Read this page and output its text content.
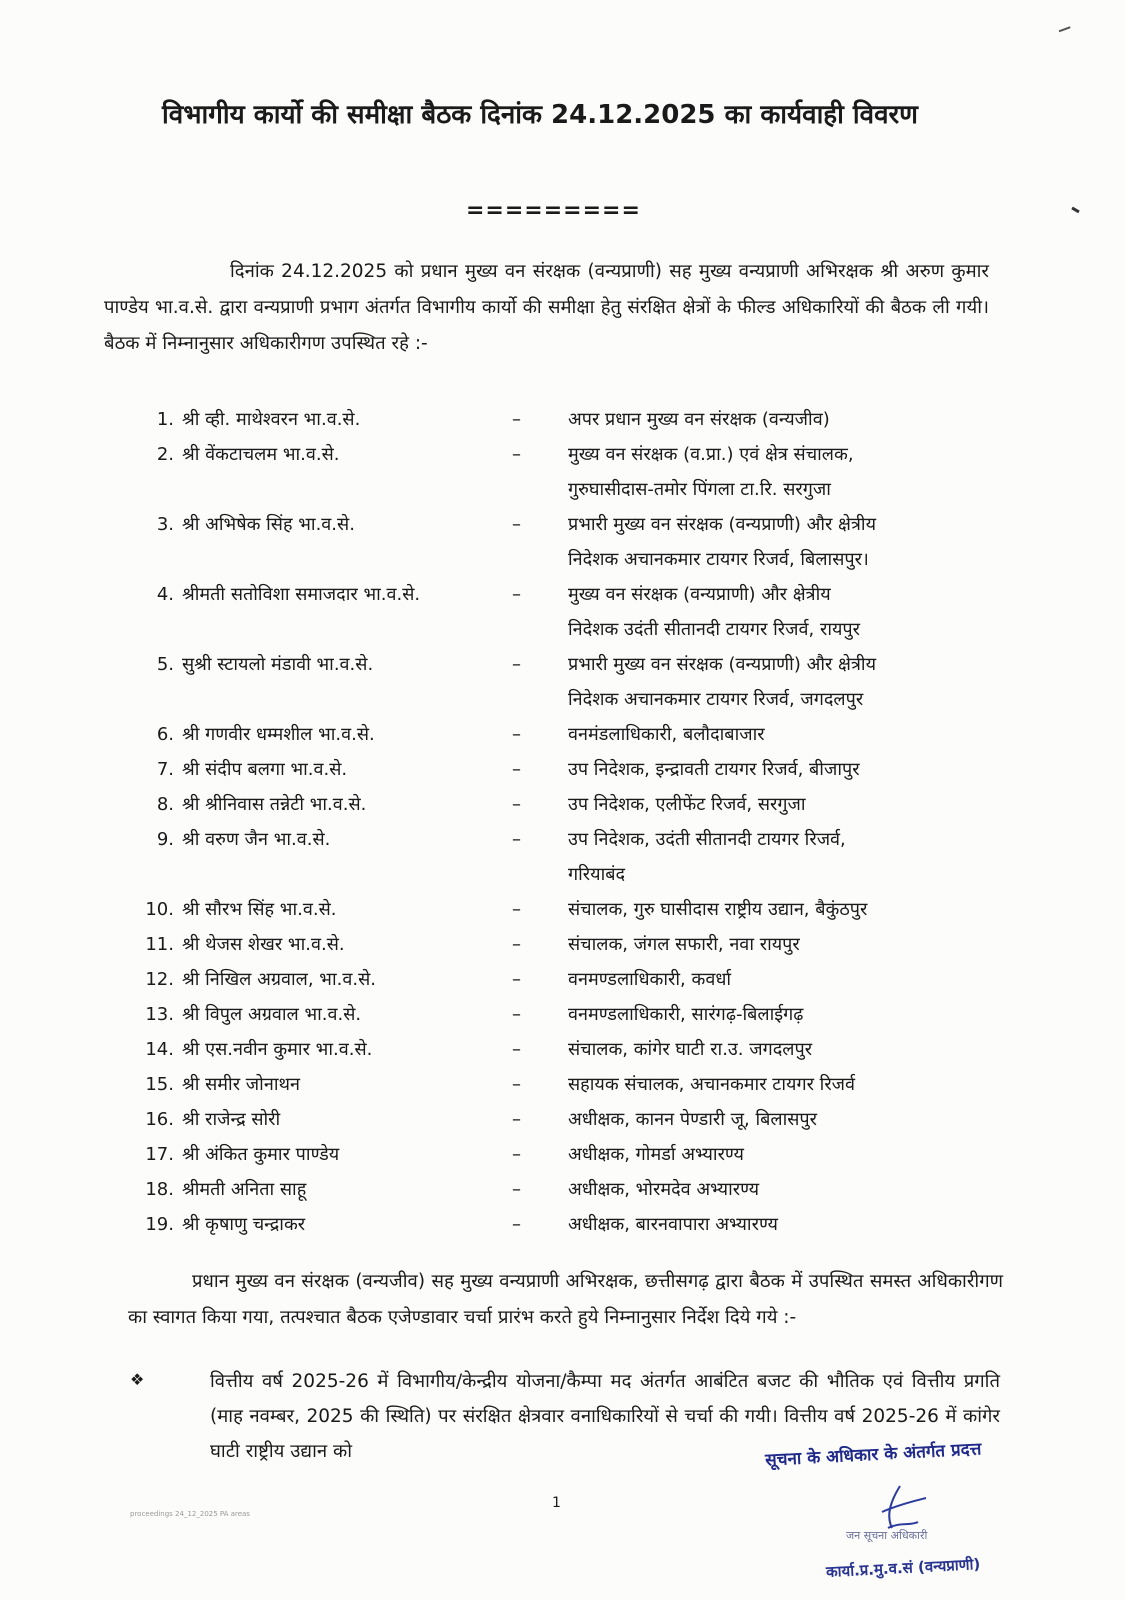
विभागीय कार्यो की समीक्षा बैठक दिनांक 24.12.2025 का कार्यवाही विवरण
=========

दिनांक 24.12.2025 को प्रधान मुख्य वन संरक्षक (वन्यप्राणी) सह मुख्य वन्यप्राणी अभिरक्षक श्री अरुण कुमार पाण्डेय भा.व.से. द्वारा वन्यप्राणी प्रभाग अंतर्गत विभागीय कार्यो की समीक्षा हेतु संरक्षित क्षेत्रों के फील्ड अधिकारियों की बैठक ली गयी। बैठक में निम्नानुसार अधिकारीगण उपस्थित रहे :-

1. श्री व्ही. माथेश्वरन भा.व.से.	–	अपर प्रधान मुख्य वन संरक्षक (वन्यजीव)
2. श्री वेंकटाचलम भा.व.से.	–	मुख्य वन संरक्षक (व.प्रा.) एवं क्षेत्र संचालक,
गुरुघासीदास-तमोर पिंगला टा.रि. सरगुजा
3. श्री अभिषेक सिंह भा.व.से.	–	प्रभारी मुख्य वन संरक्षक (वन्यप्राणी) और क्षेत्रीय
निदेशक अचानकमार टायगर रिजर्व, बिलासपुर।
4. श्रीमती सतोविशा समाजदार भा.व.से.	–	मुख्य वन संरक्षक (वन्यप्राणी) और क्षेत्रीय
निदेशक उदंती सीतानदी टायगर रिजर्व, रायपुर
5. सुश्री स्टायलो मंडावी भा.व.से.	–	प्रभारी मुख्य वन संरक्षक (वन्यप्राणी) और क्षेत्रीय
निदेशक अचानकमार टायगर रिजर्व, जगदलपुर
6. श्री गणवीर धम्मशील भा.व.से.	–	वनमंडलाधिकारी, बलौदाबाजार
7. श्री संदीप बलगा भा.व.से.	–	उप निदेशक, इन्द्रावती टायगर रिजर्व, बीजापुर
8. श्री श्रीनिवास तन्नेटी भा.व.से.	–	उप निदेशक, एलीफेंट रिजर्व, सरगुजा
9. श्री वरुण जैन भा.व.से.	–	उप निदेशक, उदंती सीतानदी टायगर रिजर्व,
गरियाबंद
10. श्री सौरभ सिंह भा.व.से.	–	संचालक, गुरु घासीदास राष्ट्रीय उद्यान, बैकुंठपुर
11. श्री थेजस शेखर भा.व.से.	–	संचालक, जंगल सफारी, नवा रायपुर
12. श्री निखिल अग्रवाल, भा.व.से.	–	वनमण्डलाधिकारी, कवर्धा
13. श्री विपुल अग्रवाल भा.व.से.	–	वनमण्डलाधिकारी, सारंगढ़-बिलाईगढ़
14. श्री एस.नवीन कुमार भा.व.से.	–	संचालक, कांगेर घाटी रा.उ. जगदलपुर
15. श्री समीर जोनाथन	–	सहायक संचालक, अचानकमार टायगर रिजर्व
16. श्री राजेन्द्र सोरी	–	अधीक्षक, कानन पेण्डारी जू, बिलासपुर
17. श्री अंकित कुमार पाण्डेय	–	अधीक्षक, गोमर्डा अभ्यारण्य
18. श्रीमती अनिता साहू	–	अधीक्षक, भोरमदेव अभ्यारण्य
19. श्री कृषाणु चन्द्राकर	–	अधीक्षक, बारनवापारा अभ्यारण्य

प्रधान मुख्य वन संरक्षक (वन्यजीव) सह मुख्य वन्यप्राणी अभिरक्षक, छत्तीसगढ़ द्वारा बैठक में उपस्थित समस्त अधिकारीगण का स्वागत किया गया, तत्पश्चात बैठक एजेण्डावार चर्चा प्रारंभ करते हुये निम्नानुसार निर्देश दिये गये :-

❖	वित्तीय वर्ष 2025-26 में विभागीय/केन्द्रीय योजना/कैम्पा मद अंतर्गत आबंटित बजट की भौतिक एवं वित्तीय प्रगति (माह नवम्बर, 2025 की स्थिति) पर संरक्षित क्षेत्रवार वनाधिकारियों से चर्चा की गयी। वित्तीय वर्ष 2025-26 में कांगेर घाटी राष्ट्रीय उद्यान को	सूचना के अधिकार के अंतर्गत प्रदत्त
1
proceedings 24_12_2025 PA areas
जन सूचना अधिकारी
कार्या.प्र.मु.व.सं (वन्यप्राणी)
